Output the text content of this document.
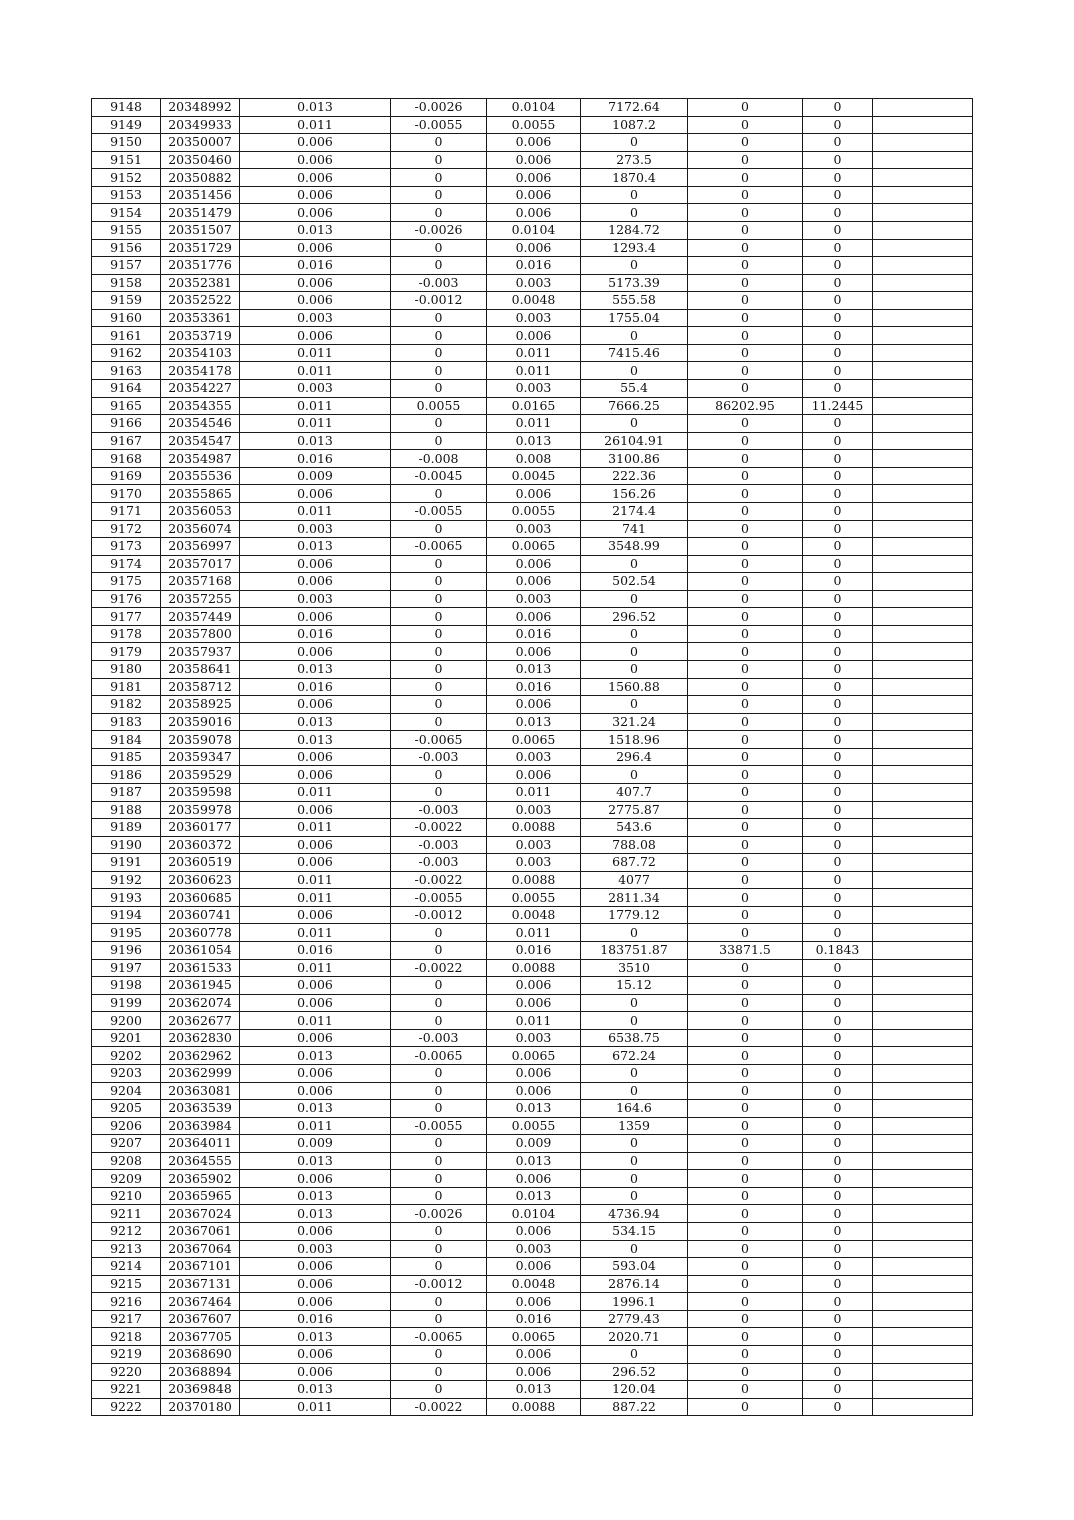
9148	20348992	0.013	-0.0026	0.0104	7172.64	0	0	
9149	20349933	0.011	-0.0055	0.0055	1087.2	0	0	
9150	20350007	0.006	0	0.006	0	0	0	
9151	20350460	0.006	0	0.006	273.5	0	0	
9152	20350882	0.006	0	0.006	1870.4	0	0	
9153	20351456	0.006	0	0.006	0	0	0	
9154	20351479	0.006	0	0.006	0	0	0	
9155	20351507	0.013	-0.0026	0.0104	1284.72	0	0	
9156	20351729	0.006	0	0.006	1293.4	0	0	
9157	20351776	0.016	0	0.016	0	0	0	
9158	20352381	0.006	-0.003	0.003	5173.39	0	0	
9159	20352522	0.006	-0.0012	0.0048	555.58	0	0	
9160	20353361	0.003	0	0.003	1755.04	0	0	
9161	20353719	0.006	0	0.006	0	0	0	
9162	20354103	0.011	0	0.011	7415.46	0	0	
9163	20354178	0.011	0	0.011	0	0	0	
9164	20354227	0.003	0	0.003	55.4	0	0	
9165	20354355	0.011	0.0055	0.0165	7666.25	86202.95	11.2445	
9166	20354546	0.011	0	0.011	0	0	0	
9167	20354547	0.013	0	0.013	26104.91	0	0	
9168	20354987	0.016	-0.008	0.008	3100.86	0	0	
9169	20355536	0.009	-0.0045	0.0045	222.36	0	0	
9170	20355865	0.006	0	0.006	156.26	0	0	
9171	20356053	0.011	-0.0055	0.0055	2174.4	0	0	
9172	20356074	0.003	0	0.003	741	0	0	
9173	20356997	0.013	-0.0065	0.0065	3548.99	0	0	
9174	20357017	0.006	0	0.006	0	0	0	
9175	20357168	0.006	0	0.006	502.54	0	0	
9176	20357255	0.003	0	0.003	0	0	0	
9177	20357449	0.006	0	0.006	296.52	0	0	
9178	20357800	0.016	0	0.016	0	0	0	
9179	20357937	0.006	0	0.006	0	0	0	
9180	20358641	0.013	0	0.013	0	0	0	
9181	20358712	0.016	0	0.016	1560.88	0	0	
9182	20358925	0.006	0	0.006	0	0	0	
9183	20359016	0.013	0	0.013	321.24	0	0	
9184	20359078	0.013	-0.0065	0.0065	1518.96	0	0	
9185	20359347	0.006	-0.003	0.003	296.4	0	0	
9186	20359529	0.006	0	0.006	0	0	0	
9187	20359598	0.011	0	0.011	407.7	0	0	
9188	20359978	0.006	-0.003	0.003	2775.87	0	0	
9189	20360177	0.011	-0.0022	0.0088	543.6	0	0	
9190	20360372	0.006	-0.003	0.003	788.08	0	0	
9191	20360519	0.006	-0.003	0.003	687.72	0	0	
9192	20360623	0.011	-0.0022	0.0088	4077	0	0	
9193	20360685	0.011	-0.0055	0.0055	2811.34	0	0	
9194	20360741	0.006	-0.0012	0.0048	1779.12	0	0	
9195	20360778	0.011	0	0.011	0	0	0	
9196	20361054	0.016	0	0.016	183751.87	33871.5	0.1843	
9197	20361533	0.011	-0.0022	0.0088	3510	0	0	
9198	20361945	0.006	0	0.006	15.12	0	0	
9199	20362074	0.006	0	0.006	0	0	0	
9200	20362677	0.011	0	0.011	0	0	0	
9201	20362830	0.006	-0.003	0.003	6538.75	0	0	
9202	20362962	0.013	-0.0065	0.0065	672.24	0	0	
9203	20362999	0.006	0	0.006	0	0	0	
9204	20363081	0.006	0	0.006	0	0	0	
9205	20363539	0.013	0	0.013	164.6	0	0	
9206	20363984	0.011	-0.0055	0.0055	1359	0	0	
9207	20364011	0.009	0	0.009	0	0	0	
9208	20364555	0.013	0	0.013	0	0	0	
9209	20365902	0.006	0	0.006	0	0	0	
9210	20365965	0.013	0	0.013	0	0	0	
9211	20367024	0.013	-0.0026	0.0104	4736.94	0	0	
9212	20367061	0.006	0	0.006	534.15	0	0	
9213	20367064	0.003	0	0.003	0	0	0	
9214	20367101	0.006	0	0.006	593.04	0	0	
9215	20367131	0.006	-0.0012	0.0048	2876.14	0	0	
9216	20367464	0.006	0	0.006	1996.1	0	0	
9217	20367607	0.016	0	0.016	2779.43	0	0	
9218	20367705	0.013	-0.0065	0.0065	2020.71	0	0	
9219	20368690	0.006	0	0.006	0	0	0	
9220	20368894	0.006	0	0.006	296.52	0	0	
9221	20369848	0.013	0	0.013	120.04	0	0	
9222	20370180	0.011	-0.0022	0.0088	887.22	0	0	
